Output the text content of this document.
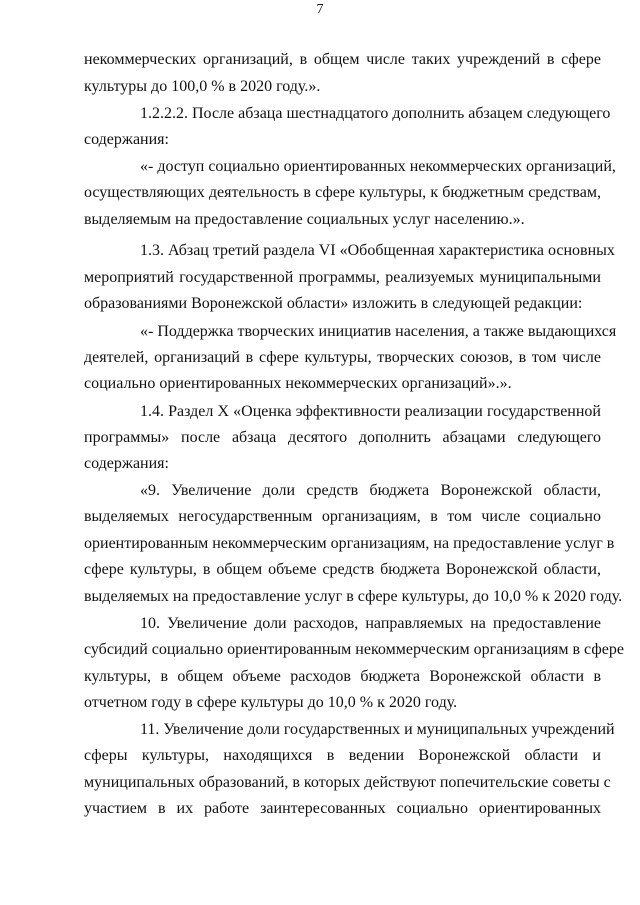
7
некоммерческих организаций, в общем числе таких учреждений в сфере
культуры до 100,0 % в 2020 году.».
1.2.2.2. После абзаца шестнадцатого дополнить абзацем следующего
содержания:
«- доступ социально ориентированных некоммерческих организаций,
осуществляющих деятельность в сфере культуры, к бюджетным средствам,
выделяемым на предоставление социальных услуг населению.».
1.3. Абзац третий раздела VI «Обобщенная характеристика основных
мероприятий государственной программы, реализуемых муниципальными
образованиями Воронежской области» изложить в следующей редакции:
«- Поддержка творческих инициатив населения, а также выдающихся
деятелей, организаций в сфере культуры, творческих союзов, в том числе
социально ориентированных некоммерческих организаций».».
1.4. Раздел Х «Оценка эффективности реализации государственной
программы» после абзаца десятого дополнить абзацами следующего
содержания:
«9. Увеличение доли средств бюджета Воронежской области,
выделяемых негосударственным организациям, в том числе социально
ориентированным некоммерческим организациям, на предоставление услуг в
сфере культуры, в общем объеме средств бюджета Воронежской области,
выделяемых на предоставление услуг в сфере культуры, до 10,0 % к 2020 году.
10. Увеличение доли расходов, направляемых на предоставление
субсидий социально ориентированным некоммерческим организациям в сфере
культуры, в общем объеме расходов бюджета Воронежской области в
отчетном году в сфере культуры до 10,0 % к 2020 году.
11. Увеличение доли государственных и муниципальных учреждений
сферы культуры, находящихся в ведении Воронежской области и
муниципальных образований, в которых действуют попечительские советы с
участием в их работе заинтересованных социально ориентированных
